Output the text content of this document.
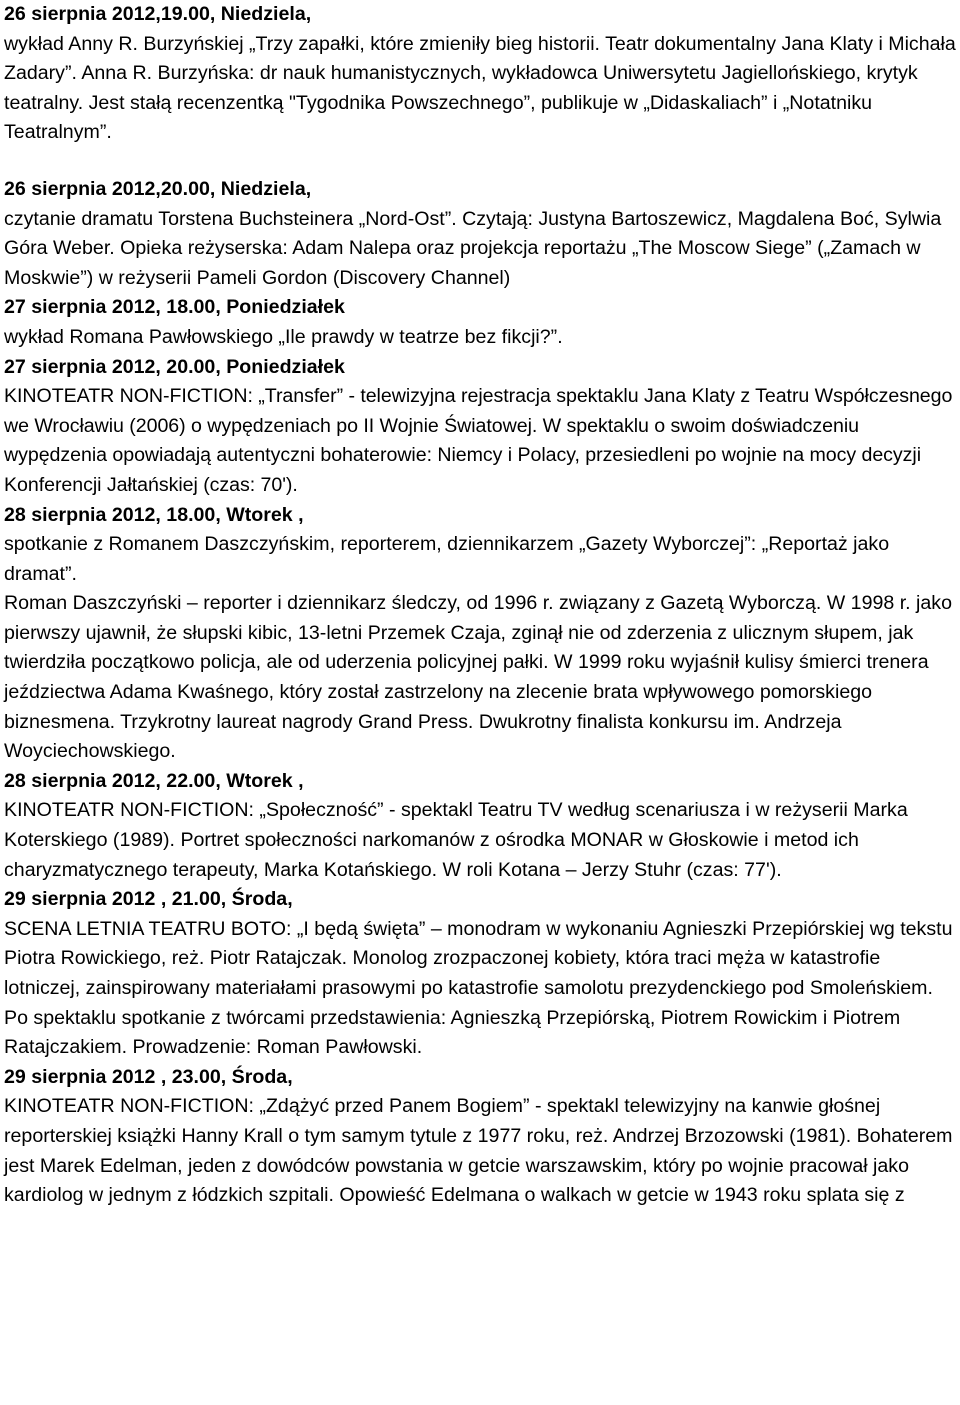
26 sierpnia 2012,19.00, Niedziela,
wykład Anny R. Burzyńskiej „Trzy zapałki, które zmieniły bieg historii. Teatr dokumentalny Jana Klaty i Michała Zadary”. Anna R. Burzyńska: dr nauk humanistycznych, wykładowca Uniwersytetu Jagiellońskiego, krytyk teatralny. Jest stałą recenzentką "Tygodnika Powszechnego”, publikuje w „Didaskaliach” i „Notatniku Teatralnym”.
26 sierpnia 2012,20.00, Niedziela,
czytanie dramatu Torstena Buchsteinera „Nord-Ost”. Czytają: Justyna Bartoszewicz, Magdalena Boć, Sylwia Góra Weber. Opieka reżyserska: Adam Nalepa oraz projekcja reportażu „The Moscow Siege” („Zamach w Moskwie”) w reżyserii Pameli Gordon (Discovery Channel)
27 sierpnia 2012, 18.00, Poniedziałek
wykład Romana Pawłowskiego „Ile prawdy w teatrze bez fikcji?”.
27 sierpnia 2012, 20.00, Poniedziałek
KINOTEATR NON-FICTION: „Transfer” - telewizyjna rejestracja spektaklu Jana Klaty z Teatru Współczesnego we Wrocławiu (2006) o wypędzeniach po II Wojnie Światowej. W spektaklu o swoim doświadczeniu wypędzenia opowiadają autentyczni bohaterowie: Niemcy i Polacy, przesiedleni po wojnie na mocy decyzji Konferencji Jałtańskiej (czas: 70').
28 sierpnia 2012, 18.00, Wtorek ,
spotkanie z Romanem Daszczyńskim, reporterem, dziennikarzem „Gazety Wyborczej”: „Reportaż jako dramat”.
Roman Daszczyński – reporter i dziennikarz śledczy, od 1996 r. związany z Gazetą Wyborczą. W 1998 r. jako pierwszy ujawnił, że słupski kibic, 13-letni Przemek Czaja, zginął nie od zderzenia z ulicznym słupem, jak twierdziła początkowo policja, ale od uderzenia policyjnej pałki. W 1999 roku wyjaśnił kulisy śmierci trenera jeździectwa Adama Kwaśnego, który został zastrzelony na zlecenie brata wpływowego pomorskiego biznesmena. Trzykrotny laureat nagrody Grand Press. Dwukrotny finalista konkursu im. Andrzeja Woyciechowskiego.
28 sierpnia 2012, 22.00, Wtorek ,
KINOTEATR NON-FICTION: „Społeczność” - spektakl Teatru TV według scenariusza i w reżyserii Marka Koterskiego (1989). Portret społeczności narkomanów z ośrodka MONAR w Głoskowie i metod ich charyzmatycznego terapeuty, Marka Kotańskiego. W roli Kotana – Jerzy Stuhr (czas: 77').
29 sierpnia 2012 , 21.00, Środa,
SCENA LETNIA TEATRU BOTO: „I będą święta” – monodram w wykonaniu Agnieszki Przepiórskiej wg tekstu Piotra Rowickiego, reż. Piotr Ratajczak. Monolog zrozpaczonej kobiety, która traci męża w katastrofie lotniczej, zainspirowany materiałami prasowymi po katastrofie samolotu prezydenckiego pod Smoleńskiem. Po spektaklu spotkanie z twórcami przedstawienia: Agnieszką Przepiórską, Piotrem Rowickim i Piotrem Ratajczakiem. Prowadzenie: Roman Pawłowski.
29 sierpnia 2012 , 23.00, Środa,
KINOTEATR NON-FICTION: „Zdążyć przed Panem Bogiem” - spektakl telewizyjny na kanwie głośnej reporterskiej książki Hanny Krall o tym samym tytule z 1977 roku, reż. Andrzej Brzozowski (1981). Bohaterem jest Marek Edelman, jeden z dowódców powstania w getcie warszawskim, który po wojnie pracował jako kardiolog w jednym z łódzkich szpitali. Opowieść Edelmana o walkach w getcie w 1943 roku splata się z
